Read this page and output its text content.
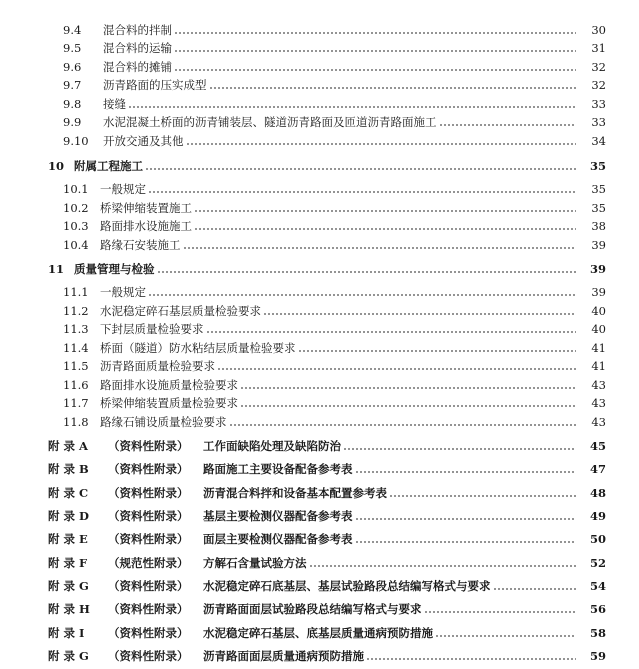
9.4	混合料的拌制	30
9.5	混合料的运输	31
9.6	混合料的摊铺	32
9.7	沥青路面的压实成型	32
9.8	接缝	33
9.9	水泥混凝土桥面的沥青铺装层、隧道沥青路面及匝道沥青路面施工	33
9.10	开放交通及其他	34
10 附属工程施工	35
10.1 一般规定	35
10.2 桥梁伸缩装置施工	35
10.3 路面排水设施施工	38
10.4 路缘石安装施工	39
11 质量管理与检验	39
11.1 一般规定	39
11.2 水泥稳定碎石基层质量检验要求	40
11.3 下封层质量检验要求	40
11.4 桥面（隧道）防水粘结层质量检验要求	41
11.5 沥青路面质量检验要求	41
11.6 路面排水设施质量检验要求	43
11.7 桥梁伸缩装置质量检验要求	43
11.8 路缘石铺设质量检验要求	43
附 录 A	（资料性附录）	工作面缺陷处理及缺陷防治	45
附 录 B	（资料性附录）	路面施工主要设备配备参考表	47
附 录 C	（资料性附录）	沥青混合料拌和设备基本配置参考表	48
附 录 D	（资料性附录）	基层主要检测仪器配备参考表	49
附 录 E	（资料性附录）	面层主要检测仪器配备参考表	50
附 录 F	（规范性附录）	方解石含量试验方法	52
附 录 G	（资料性附录）	水泥稳定碎石底基层、基层试验路段总结编写格式与要求	54
附 录 H	（资料性附录）	沥青路面面层试验路段总结编写格式与要求	56
附 录 I	（资料性附录）	水泥稳定碎石基层、底基层质量通病预防措施	58
附 录 G	（资料性附录）	沥青路面面层质量通病预防措施	59
